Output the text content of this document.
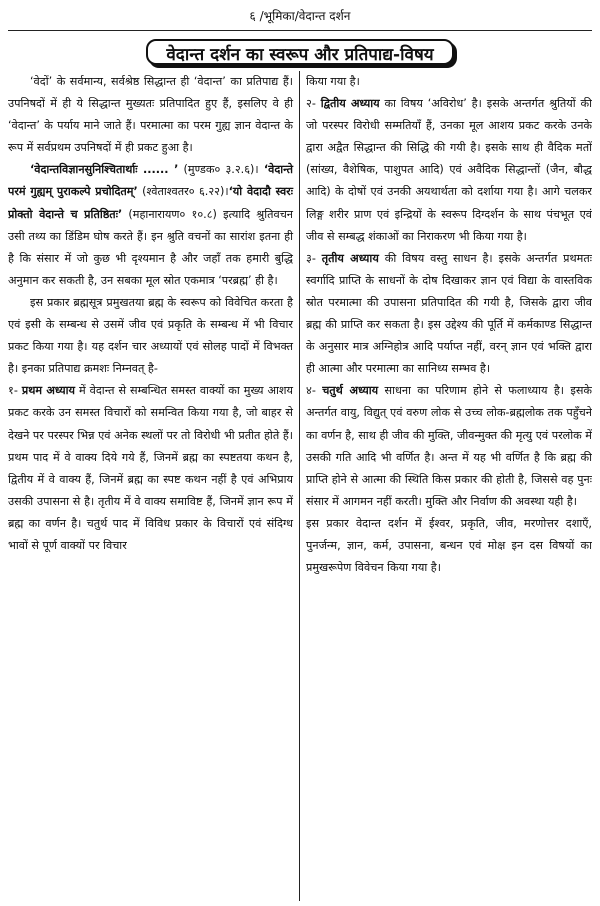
६ /भूमिका/वेदान्त दर्शन
वेदान्त दर्शन का स्वरूप और प्रतिपाद्य-विषय

‘वेदों’ के सर्वमान्य, सर्वश्रेष्ठ सिद्धान्त ही ‘वेदान्त’ का प्रतिपाद्य हैं। उपनिषदों में ही ये सिद्धान्त मुख्यतः प्रतिपादित हुए हैं, इसलिए वे ही ‘वेदान्त’ के पर्याय माने जाते हैं। परमात्मा का परम गुह्य ज्ञान वेदान्त के रूप में सर्वप्रथम उपनिषदों में ही प्रकट हुआ है।

‘वेदान्तविज्ञानसुनिश्चितार्थाः ...... ’ (मुण्डक० ३.२.६)। ‘वेदान्ते परमं गुह्यम् पुराकल्पे प्रचोदितम्’ (श्वेताश्वतर० ६.२२)।‘यो वेदादौ स्वरः प्रोक्तो वेदान्ते च प्रतिष्ठितः’ (महानारायण० १०.८) इत्यादि श्रुतिवचन उसी तथ्य का डिंडिम घोष करते हैं। इन श्रुति वचनों का सारांश इतना ही है कि संसार में जो कुछ भी दृश्यमान है और जहाँ तक हमारी बुद्धि अनुमान कर सकती है, उन सबका मूल स्रोत एकमात्र ‘परब्रह्म’ ही है।

इस प्रकार ब्रह्मसूत्र प्रमुखतया ब्रह्म के स्वरूप को विवेचित करता है एवं इसी के सम्बन्ध से उसमें जीव एवं प्रकृति के सम्बन्ध में भी विचार प्रकट किया गया है। यह दर्शन चार अध्यायों एवं सोलह पादों में विभक्त है। इनका प्रतिपाद्य क्रमशः निम्नवत् है-

१- प्रथम अध्याय में वेदान्त से सम्बन्धित समस्त वाक्यों का मुख्य आशय प्रकट करके उन समस्त विचारों को समन्वित किया गया है, जो बाहर से देखने पर परस्पर भिन्न एवं अनेक स्थलों पर तो विरोधी भी प्रतीत होते हैं। प्रथम पाद में वे वाक्य दिये गये हैं, जिनमें ब्रह्म का स्पष्टतया कथन है, द्वितीय में वे वाक्य हैं, जिनमें ब्रह्म का स्पष्ट कथन नहीं है एवं अभिप्राय उसकी उपासना से है। तृतीय में वे वाक्य समाविष्ट हैं, जिनमें ज्ञान रूप में ब्रह्म का वर्णन है। चतुर्थ पाद में विविध प्रकार के विचारों एवं संदिग्ध भावों से पूर्ण वाक्यों पर विचार

किया गया है।

२- द्वितीय अध्याय का विषय ‘अविरोध’ है। इसके अन्तर्गत श्रुतियों की जो परस्पर विरोधी सम्मतियाँ हैं, उनका मूल आशय प्रकट करके उनके द्वारा अद्वैत सिद्धान्त की सिद्धि की गयी है। इसके साथ ही वैदिक मतों (सांख्य, वैशेषिक, पाशुपत आदि) एवं अवैदिक सिद्धान्तों (जैन, बौद्ध आदि) के दोषों एवं उनकी अयथार्थता को दर्शाया गया है। आगे चलकर लिङ्ग शरीर प्राण एवं इन्द्रियों के स्वरूप दिग्दर्शन के साथ पंचभूत एवं जीव से सम्बद्ध शंकाओं का निराकरण भी किया गया है।

३- तृतीय अध्याय की विषय वस्तु साधन है। इसके अन्तर्गत प्रथमतः स्वर्गादि प्राप्ति के साधनों के दोष दिखाकर ज्ञान एवं विद्या के वास्तविक स्रोत परमात्मा की उपासना प्रतिपादित की गयी है, जिसके द्वारा जीव ब्रह्म की प्राप्ति कर सकता है। इस उद्देश्य की पूर्ति में कर्मकाण्ड सिद्धान्त के अनुसार मात्र अग्निहोत्र आदि पर्याप्त नहीं, वरन् ज्ञान एवं भक्ति द्वारा ही आत्मा और परमात्मा का सानिध्य सम्भव है।

४- चतुर्थ अध्याय साधना का परिणाम होने से फलाध्याय है। इसके अन्तर्गत वायु, विद्युत् एवं वरुण लोक से उच्च लोक-ब्रह्मलोक तक पहुँचने का वर्णन है, साथ ही जीव की मुक्ति, जीवन्मुक्त की मृत्यु एवं परलोक में उसकी गति आदि भी वर्णित है। अन्त में यह भी वर्णित है कि ब्रह्म की प्राप्ति होने से आत्मा की स्थिति किस प्रकार की होती है, जिससे वह पुनः संसार में आगमन नहीं करती। मुक्ति और निर्वाण की अवस्था यही है।

इस प्रकार वेदान्त दर्शन में ईश्वर, प्रकृति, जीव, मरणोत्तर दशाएँ, पुनर्जन्म, ज्ञान, कर्म, उपासना, बन्धन एवं मोक्ष इन दस विषयों का प्रमुखरूपेण विवेचन किया गया है।
